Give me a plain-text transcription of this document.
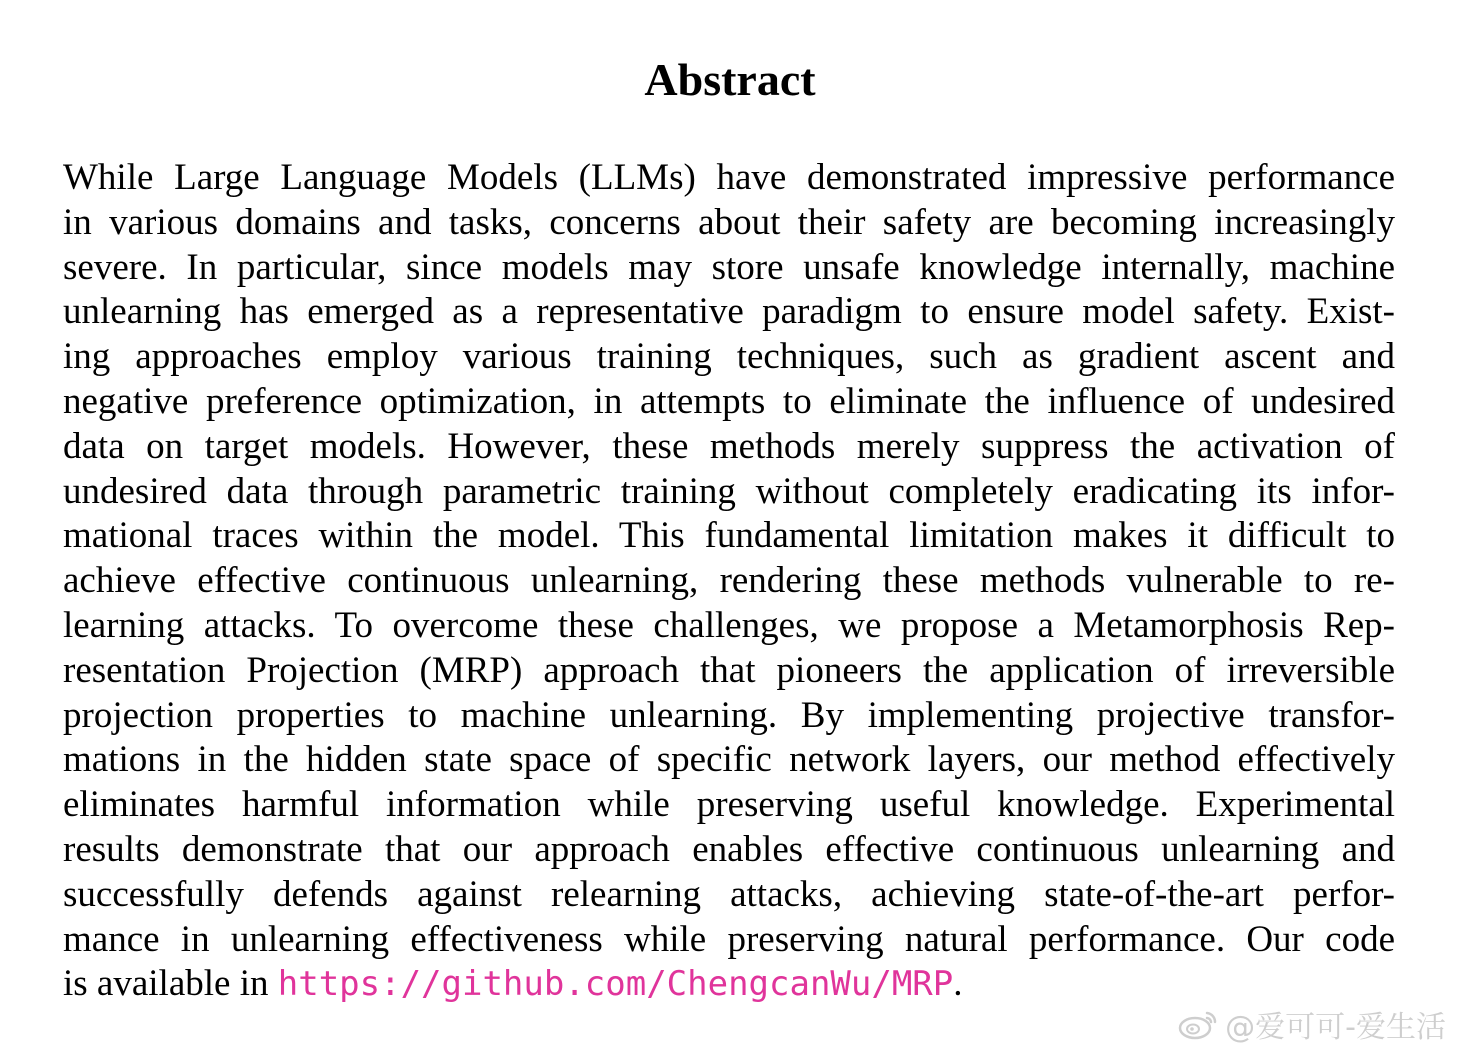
Abstract
While Large Language Models (LLMs) have demonstrated impressive performance
in various domains and tasks, concerns about their safety are becoming increasingly
severe. In particular, since models may store unsafe knowledge internally, machine
unlearning has emerged as a representative paradigm to ensure model safety. Exist-
ing approaches employ various training techniques, such as gradient ascent and
negative preference optimization, in attempts to eliminate the influence of undesired
data on target models. However, these methods merely suppress the activation of
undesired data through parametric training without completely eradicating its infor-
mational traces within the model. This fundamental limitation makes it difficult to
achieve effective continuous unlearning, rendering these methods vulnerable to re-
learning attacks. To overcome these challenges, we propose a Metamorphosis Rep-
resentation Projection (MRP) approach that pioneers the application of irreversible
projection properties to machine unlearning. By implementing projective transfor-
mations in the hidden state space of specific network layers, our method effectively
eliminates harmful information while preserving useful knowledge. Experimental
results demonstrate that our approach enables effective continuous unlearning and
successfully defends against relearning attacks, achieving state-of-the-art perfor-
mance in unlearning effectiveness while preserving natural performance. Our code
is available in https://github.com/ChengcanWu/MRP.
@爱可可-爱生活
